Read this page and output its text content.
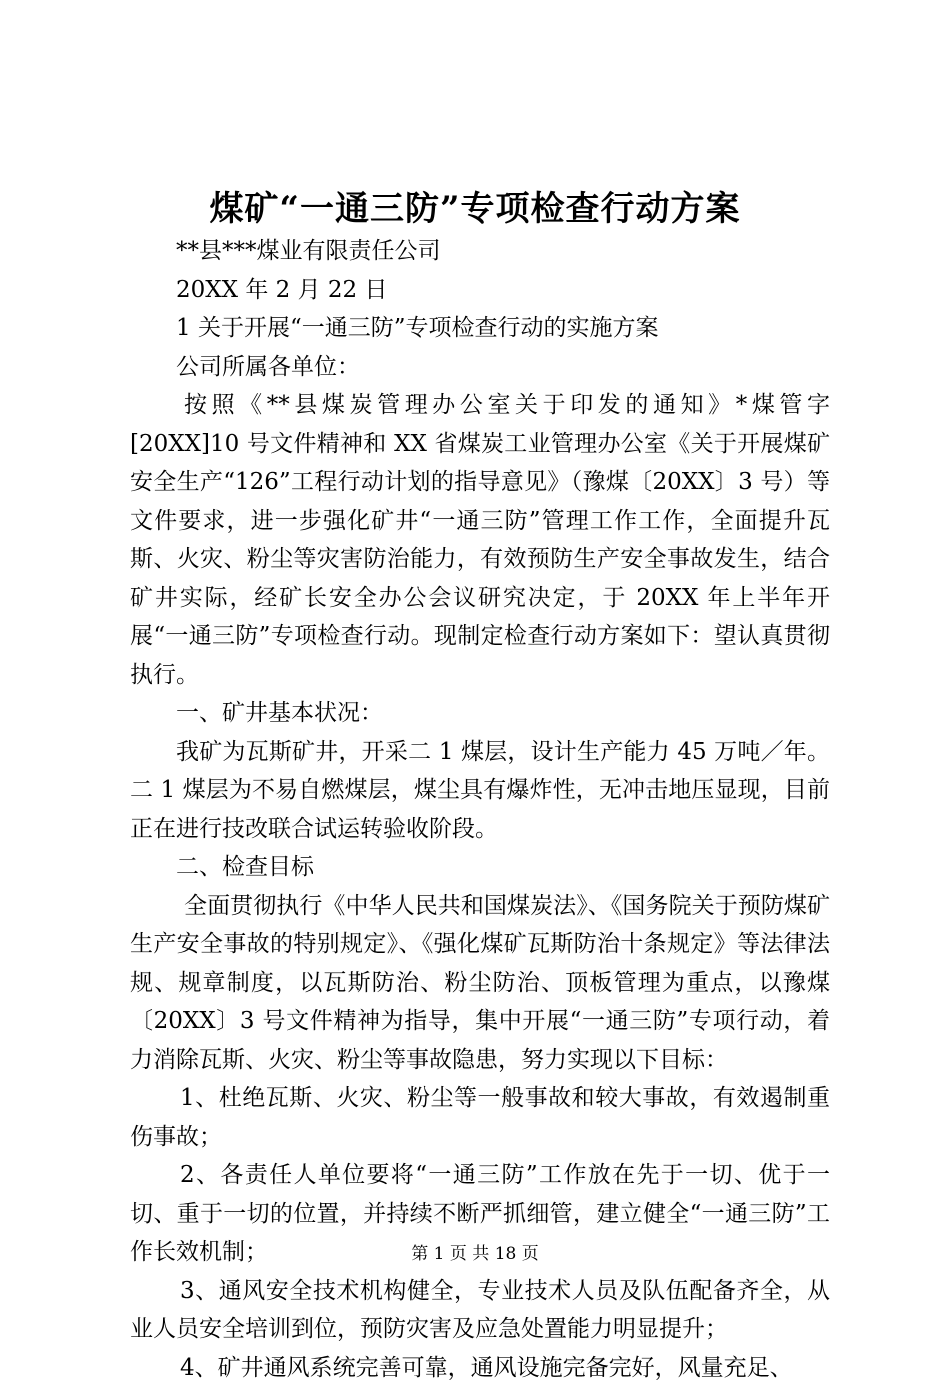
煤矿“一通三防”专项检查行动方案

**县***煤业有限责任公司

20XX 年 2 月 22 日

1 关于开展“一通三防”专项检查行动的实施方案

公司所属各单位：

按照《**县煤炭管理办公室关于印发的通知》*煤管字[20XX]10 号文件精神和 XX 省煤炭工业管理办公室《关于开展煤矿安全生产“126”工程行动计划的指导意见》（豫煤〔20XX〕3 号）等文件要求，进一步强化矿井“一通三防”管理工作工作，全面提升瓦斯、火灾、粉尘等灾害防治能力，有效预防生产安全事故发生，结合矿井实际，经矿长安全办公会议研究决定，于 20XX 年上半年开展“一通三防”专项检查行动。现制定检查行动方案如下：望认真贯彻执行。

一、矿井基本状况：

我矿为瓦斯矿井，开采二 1 煤层，设计生产能力 45 万吨／年。二 1 煤层为不易自燃煤层，煤尘具有爆炸性，无冲击地压显现，目前正在进行技改联合试运转验收阶段。

二、检查目标

全面贯彻执行《中华人民共和国煤炭法》、《国务院关于预防煤矿生产安全事故的特别规定》、《强化煤矿瓦斯防治十条规定》等法律法规、规章制度，以瓦斯防治、粉尘防治、顶板管理为重点，以豫煤〔20XX〕3 号文件精神为指导，集中开展“一通三防”专项行动，着力消除瓦斯、火灾、粉尘等事故隐患，努力实现以下目标：

1、杜绝瓦斯、火灾、粉尘等一般事故和较大事故，有效遏制重伤事故；

2、各责任人单位要将“一通三防”工作放在先于一切、优于一切、重于一切的位置，并持续不断严抓细管，建立健全“一通三防”工作长效机制；

3、通风安全技术机构健全，专业技术人员及队伍配备齐全，从业人员安全培训到位，预防灾害及应急处置能力明显提升；

4、矿井通风系统完善可靠，通风设施完备完好，风量充足、

第 1 页 共 18 页
